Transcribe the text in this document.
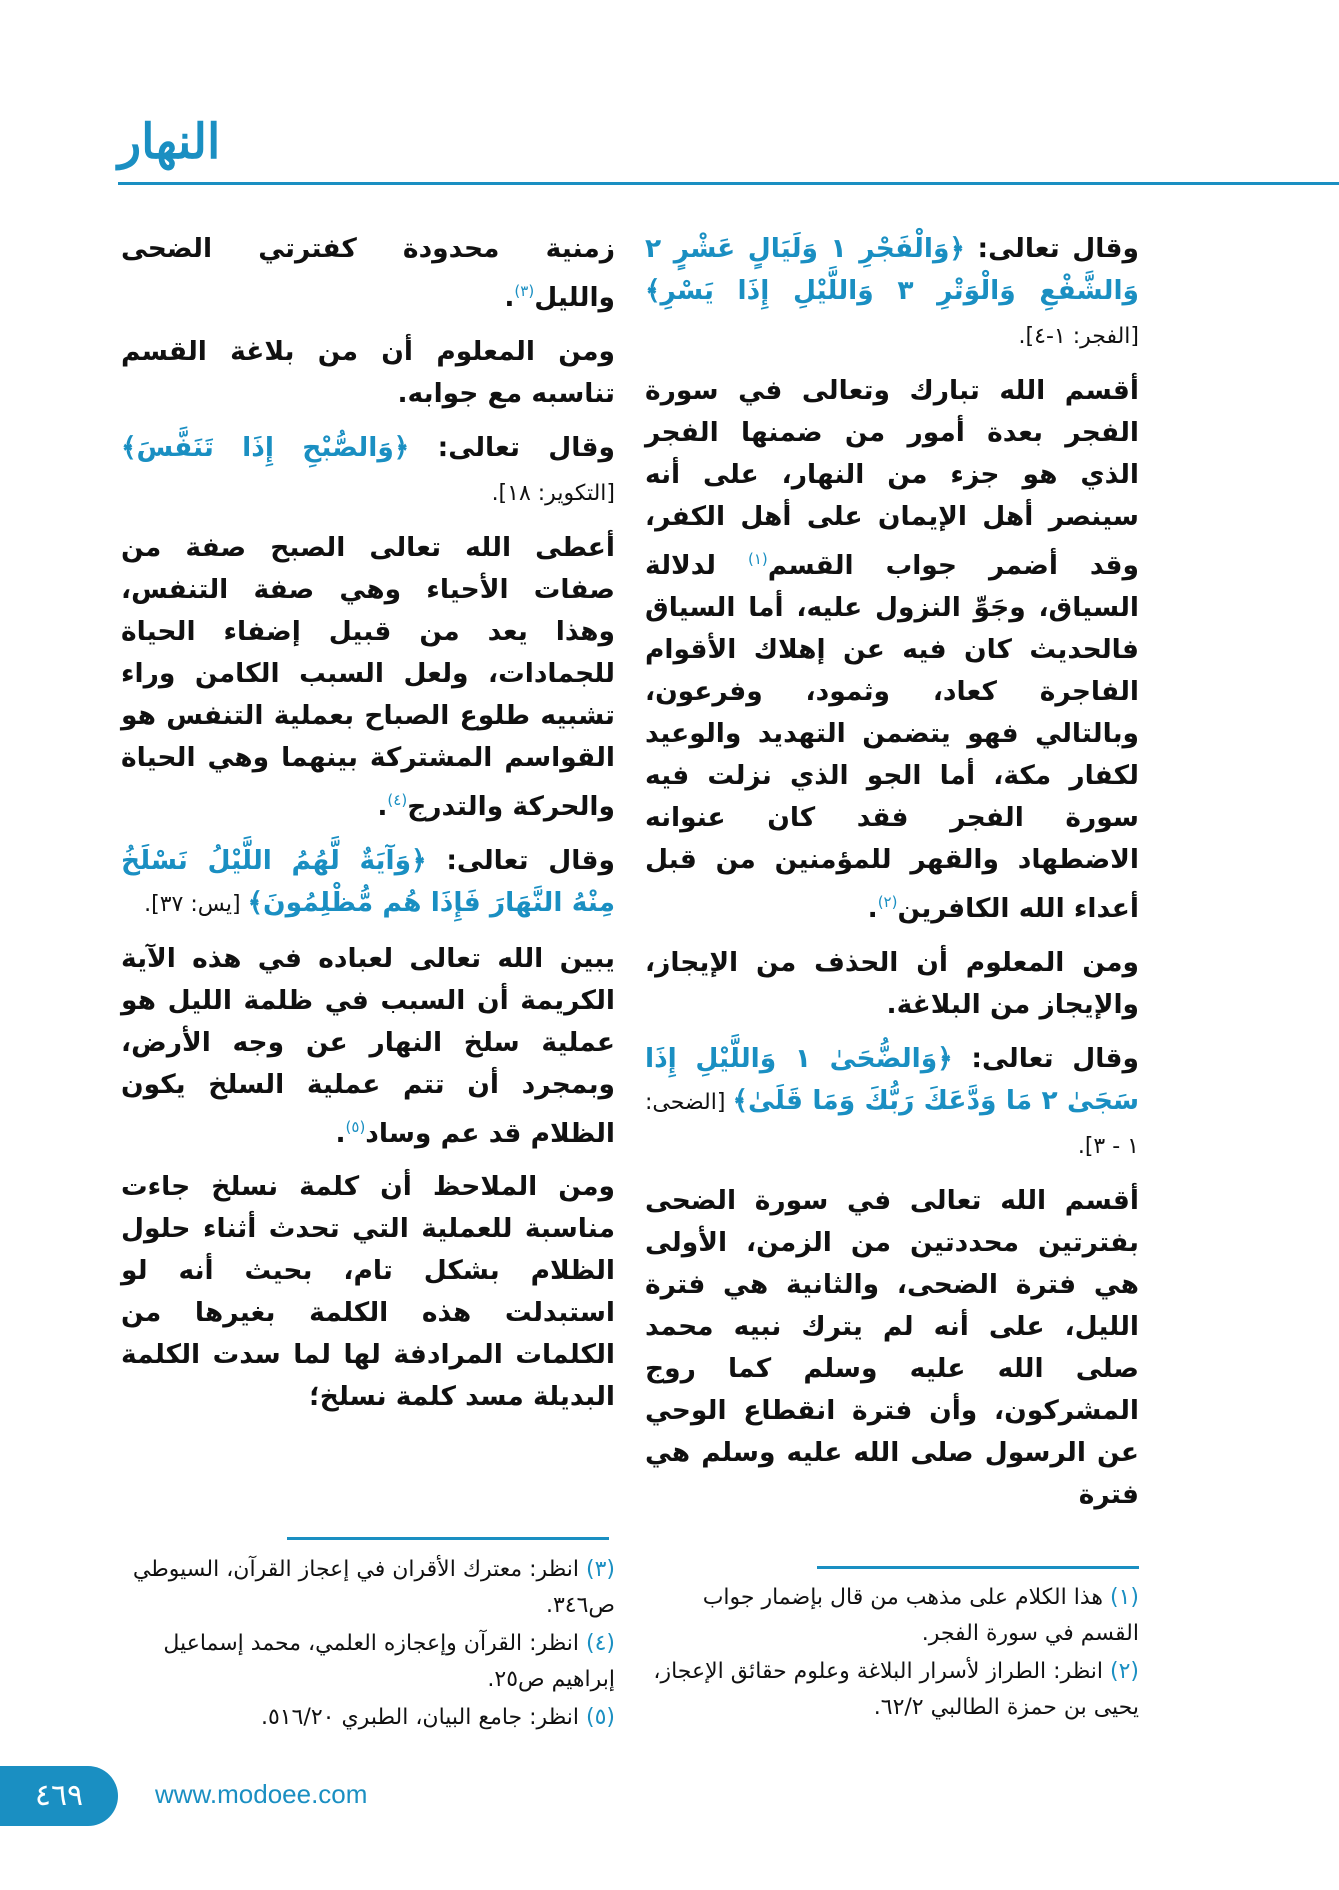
النهار

وقال تعالى: ﴿وَالْفَجْرِ ١ وَلَيَالٍ عَشْرٍ ٢ وَالشَّفْعِ وَالْوَتْرِ ٣ وَاللَّيْلِ إِذَا يَسْرِ﴾ [الفجر: ١-٤].

أقسم الله تبارك وتعالى في سورة الفجر بعدة أمور من ضمنها الفجر الذي هو جزء من النهار، على أنه سينصر أهل الإيمان على أهل الكفر، وقد أضمر جواب القسم$^{(١)}$ لدلالة السياق، وجَوِّ النزول عليه، أما السياق فالحديث كان فيه عن إهلاك الأقوام الفاجرة كعاد، وثمود، وفرعون، وبالتالي فهو يتضمن التهديد والوعيد لكفار مكة، أما الجو الذي نزلت فيه سورة الفجر فقد كان عنوانه الاضطهاد والقهر للمؤمنين من قبل أعداء الله الكافرين$^{(٢)}$.

ومن المعلوم أن الحذف من الإيجاز، والإيجاز من البلاغة.

وقال تعالى: ﴿وَالضُّحَىٰ ١ وَاللَّيْلِ إِذَا سَجَىٰ ٢ مَا وَدَّعَكَ رَبُّكَ وَمَا قَلَىٰ﴾ [الضحى: ١ - ٣].

أقسم الله تعالى في سورة الضحى بفترتين محددتين من الزمن، الأولى هي فترة الضحى، والثانية هي فترة الليل، على أنه لم يترك نبيه محمد صلى الله عليه وسلم كما روج المشركون، وأن فترة انقطاع الوحي عن الرسول صلى الله عليه وسلم هي فترة

زمنية محدودة كفترتي الضحى والليل$^{(٣)}$.

ومن المعلوم أن من بلاغة القسم تناسبه مع جوابه.

وقال تعالى: ﴿وَالصُّبْحِ إِذَا تَنَفَّسَ﴾ [التكوير: ١٨].

أعطى الله تعالى الصبح صفة من صفات الأحياء وهي صفة التنفس، وهذا يعد من قبيل إضفاء الحياة للجمادات، ولعل السبب الكامن وراء تشبيه طلوع الصباح بعملية التنفس هو القواسم المشتركة بينهما وهي الحياة والحركة والتدرج$^{(٤)}$.

وقال تعالى: ﴿وَآيَةٌ لَّهُمُ اللَّيْلُ نَسْلَخُ مِنْهُ النَّهَارَ فَإِذَا هُم مُّظْلِمُونَ﴾ [يس: ٣٧].

يبين الله تعالى لعباده في هذه الآية الكريمة أن السبب في ظلمة الليل هو عملية سلخ النهار عن وجه الأرض، وبمجرد أن تتم عملية السلخ يكون الظلام قد عم وساد$^{(٥)}$.

ومن الملاحظ أن كلمة نسلخ جاءت مناسبة للعملية التي تحدث أثناء حلول الظلام بشكل تام، بحيث أنه لو استبدلت هذه الكلمة بغيرها من الكلمات المرادفة لها لما سدت الكلمة البديلة مسد كلمة نسلخ؛

(١) هذا الكلام على مذهب من قال بإضمار جواب القسم في سورة الفجر.
(٢) انظر: الطراز لأسرار البلاغة وعلوم حقائق الإعجاز، يحيى بن حمزة الطالبي ٦٢/٢.
(٣) انظر: معترك الأقران في إعجاز القرآن، السيوطي ص٣٤٦.
(٤) انظر: القرآن وإعجازه العلمي، محمد إسماعيل إبراهيم ص٢٥.
(٥) انظر: جامع البيان، الطبري ٥١٦/٢٠.
٤٦٩	www.modoee.com
